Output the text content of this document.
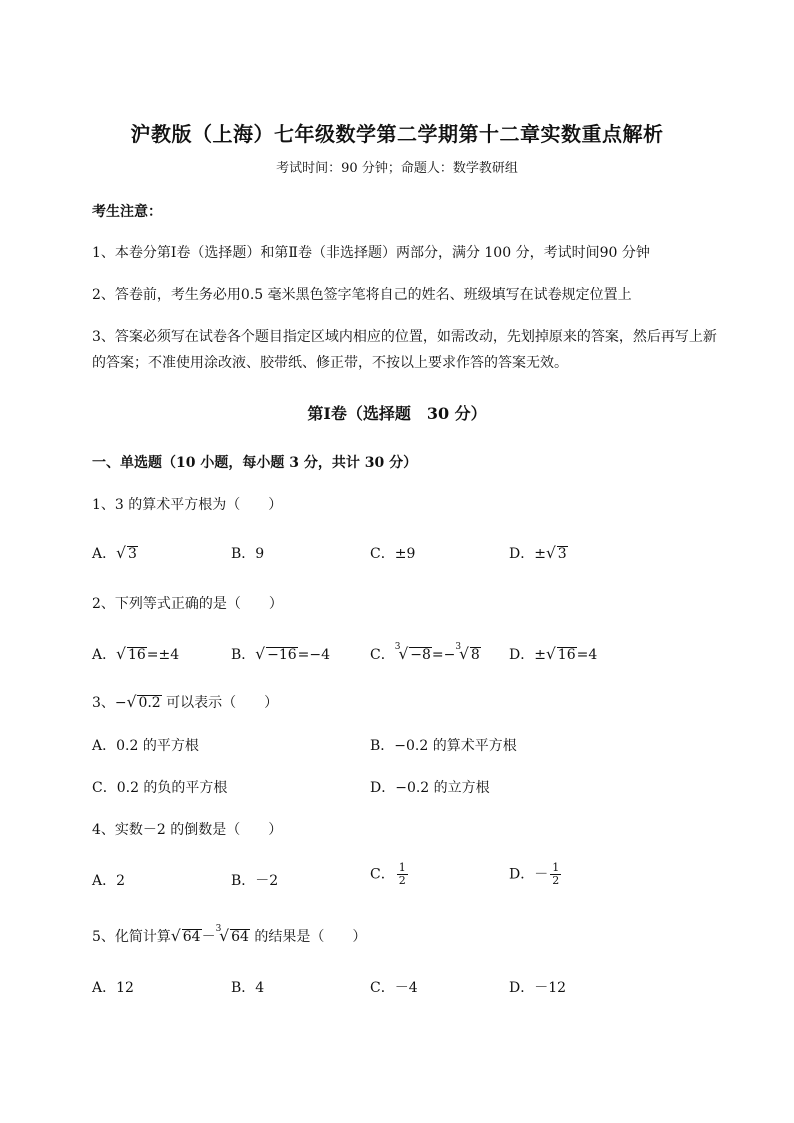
沪教版（上海）七年级数学第二学期第十二章实数重点解析
考试时间：90 分钟；命题人：数学教研组
考生注意：
1、本卷分第Ⅰ卷（选择题）和第Ⅱ卷（非选择题）两部分，满分 100 分，考试时间90 分钟
2、答卷前，考生务必用0.5 毫米黑色签字笔将自己的姓名、班级填写在试卷规定位置上
3、答案必须写在试卷各个题目指定区域内相应的位置，如需改动，先划掉原来的答案，然后再写上新
的答案；不准使用涂改液、胶带纸、修正带，不按以上要求作答的答案无效。
第Ⅰ卷（选择题　30 分）
一、单选题（10 小题，每小题 3 分，共计 30 分）
1、3 的算术平方根为（　　）
A．√ 3	B．9	C．±9	D．±√ 3
2、下列等式正确的是（　　）
A．√ 16=±4	B．√ −16=−4	C．$^3$√ −8=−$^3$√ 8 D．±√ 16=4
3、−√ 0.2 可以表示（　　）
A．0.2 的平方根	B．−0.2 的算术平方根
C．0.2 的负的平方根	D．−0.2 的立方根
4、实数－2 的倒数是（　　）
A．2	B．－2	C． $\frac{1}{2}$	D．－ $\frac{1}{2}$
5、化简计算√ 64－$^3$√ 64 的结果是（　　）
A．12	B．4	C．－4	D．－12
